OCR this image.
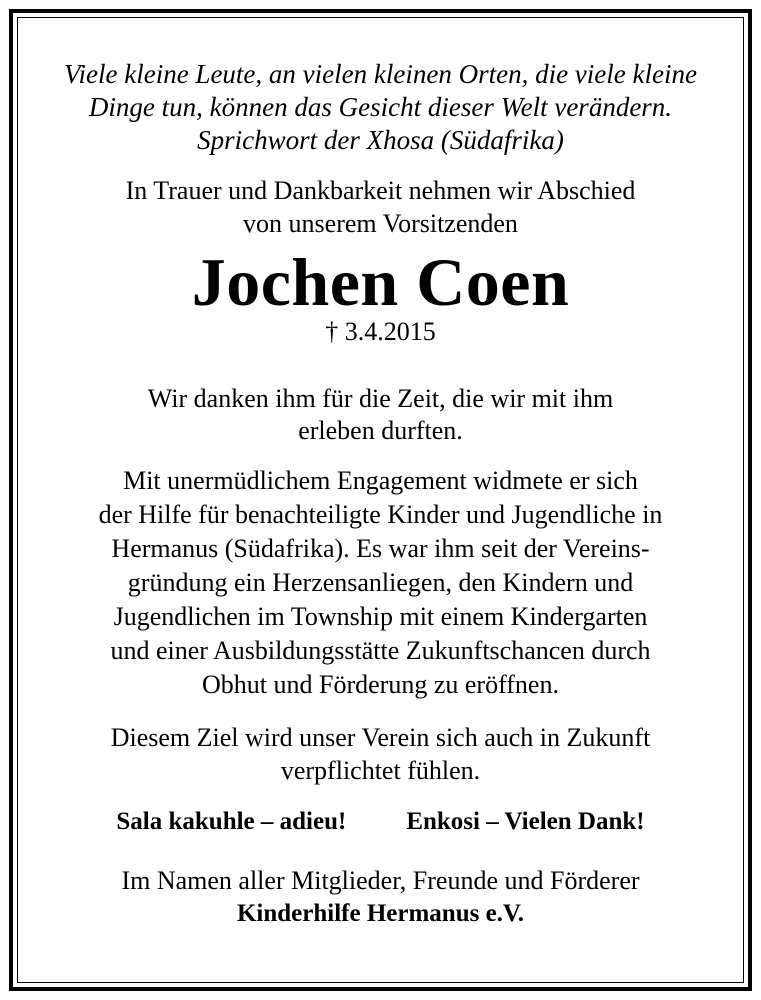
Viele kleine Leute, an vielen kleinen Orten, die viele kleine
Dinge tun, können das Gesicht dieser Welt verändern.
Sprichwort der Xhosa (Südafrika)
In Trauer und Dankbarkeit nehmen wir Abschied
von unserem Vorsitzenden
Jochen Coen
† 3.4.2015
Wir danken ihm für die Zeit, die wir mit ihm
erleben durften.
Mit unermüdlichem Engagement widmete er sich
der Hilfe für benachteiligte Kinder und Jugendliche in
Hermanus (Südafrika). Es war ihm seit der Vereins-
gründung ein Herzensanliegen, den Kindern und
Jugendlichen im Township mit einem Kindergarten
und einer Ausbildungsstätte Zukunftschancen durch
Obhut und Förderung zu eröffnen.
Diesem Ziel wird unser Verein sich auch in Zukunft
verpflichtet fühlen.
Sala kakuhle – adieu! Enkosi – Vielen Dank!
Im Namen aller Mitglieder, Freunde und Förderer
Kinderhilfe Hermanus e.V.
